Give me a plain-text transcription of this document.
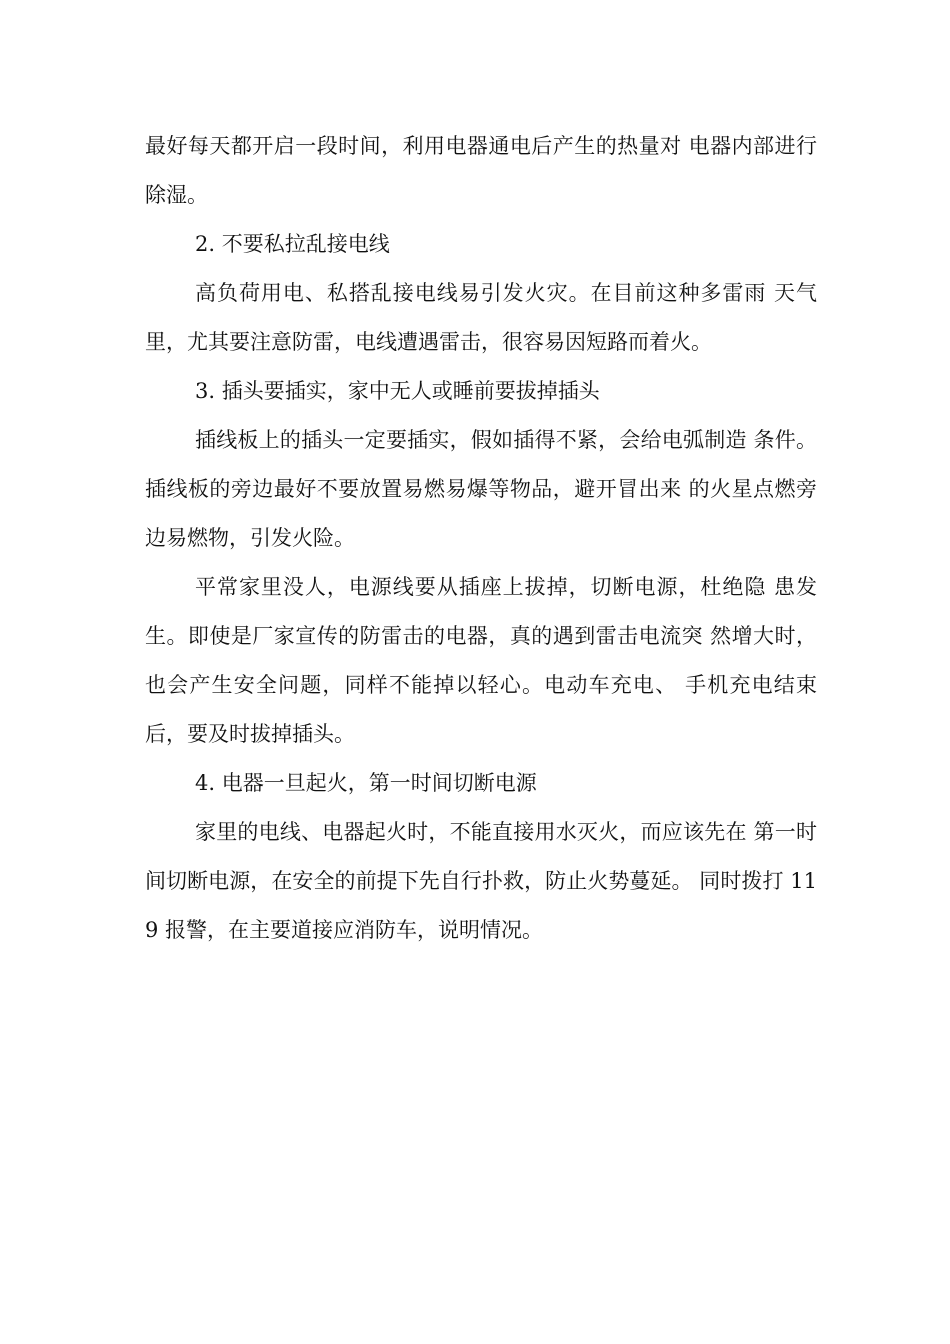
最好每天都开启一段时间，利用电器通电后产生的热量对 电器内部进行除湿。

2. 不要私拉乱接电线

高负荷用电、私搭乱接电线易引发火灾。在目前这种多雷雨 天气里，尤其要注意防雷，电线遭遇雷击，很容易因短路而着火。

3. 插头要插实，家中无人或睡前要拔掉插头

插线板上的插头一定要插实，假如插得不紧，会给电弧制造 条件。插线板的旁边最好不要放置易燃易爆等物品，避开冒出来 的火星点燃旁边易燃物，引发火险。

平常家里没人，电源线要从插座上拔掉，切断电源，杜绝隐 患发生。即使是厂家宣传的防雷击的电器，真的遇到雷击电流突 然增大时，也会产生安全问题，同样不能掉以轻心。电动车充电、 手机充电结束后，要及时拔掉插头。

4. 电器一旦起火，第一时间切断电源

家里的电线、电器起火时，不能直接用水灭火，而应该先在 第一时间切断电源，在安全的前提下先自行扑救，防止火势蔓延。 同时拨打 119 报警，在主要道接应消防车，说明情况。
